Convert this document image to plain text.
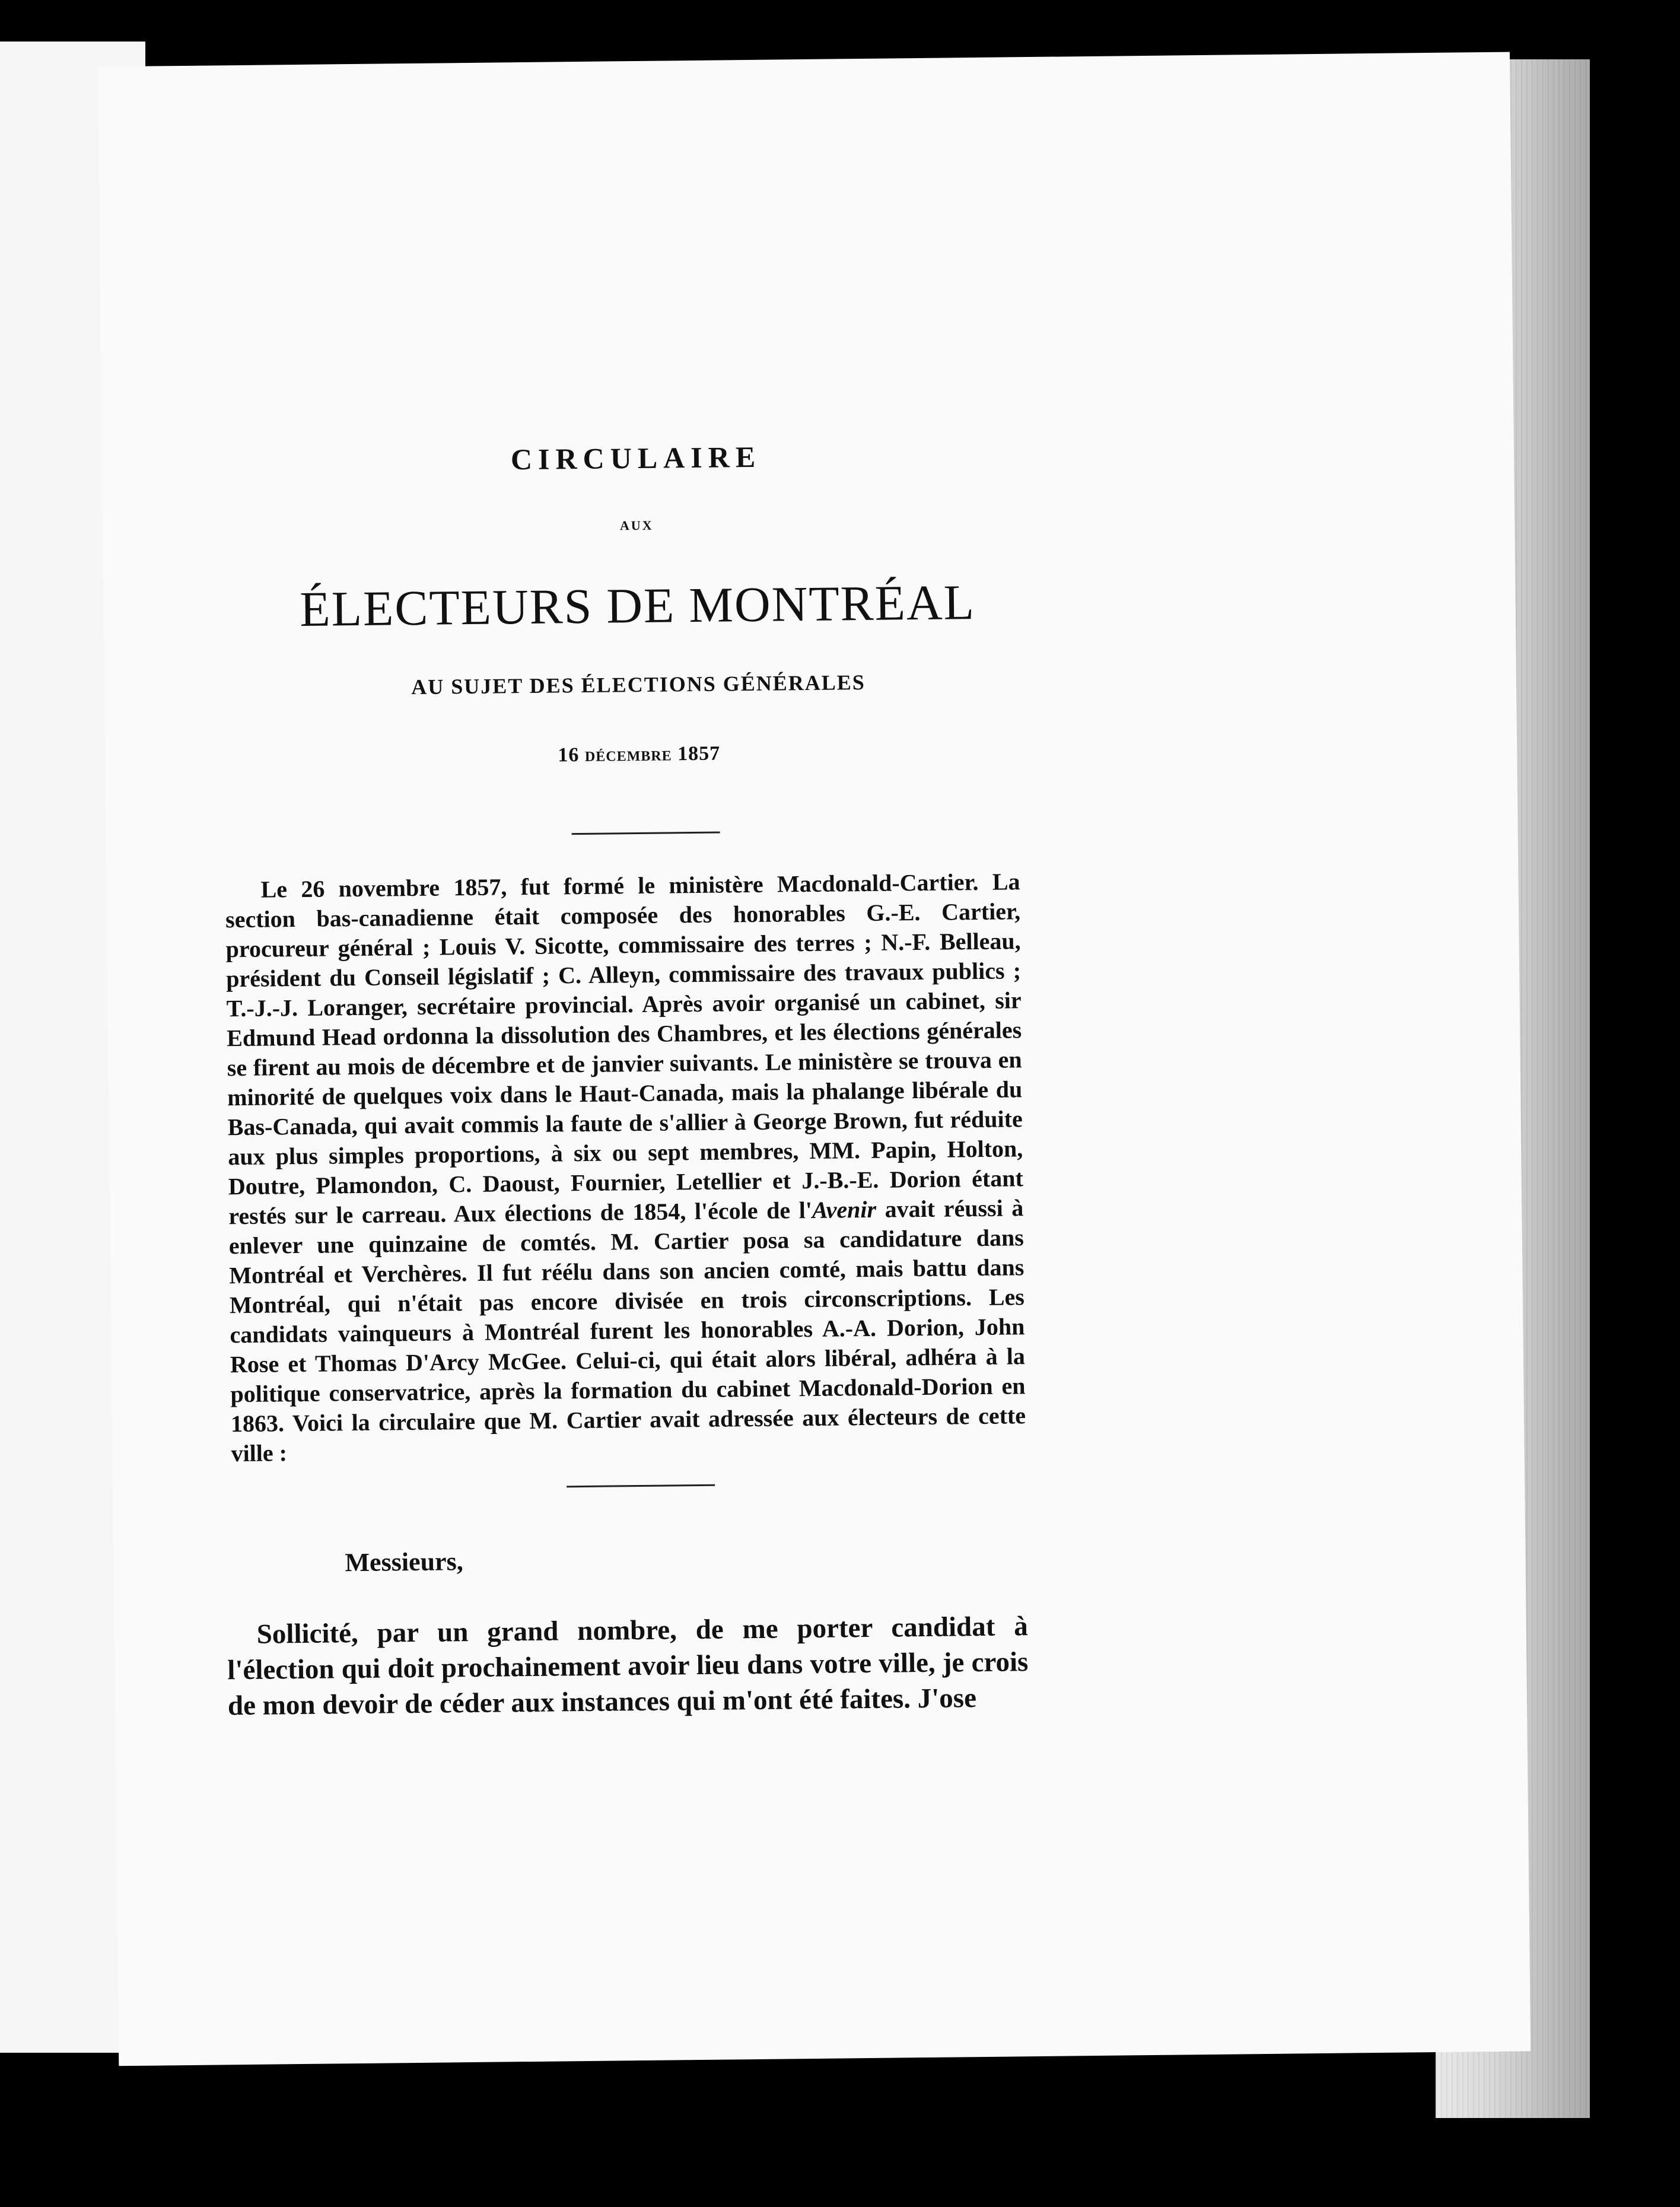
CIRCULAIRE
AUX
ÉLECTEURS DE MONTRÉAL
AU SUJET DES ÉLECTIONS GÉNÉRALES
16 décembre 1857

Le 26 novembre 1857, fut formé le ministère Macdonald-Cartier. La section bas-canadienne était composée des honorables G.-E. Cartier, procureur général ; Louis V. Sicotte, commissaire des terres ; N.-F. Belleau, président du Conseil législatif ; C. Alleyn, commissaire des travaux publics ; T.-J.-J. Loranger, secrétaire provincial. Après avoir organisé un cabinet, sir Edmund Head ordonna la dissolution des Chambres, et les élections générales se firent au mois de décembre et de janvier suivants. Le ministère se trouva en minorité de quelques voix dans le Haut-Canada, mais la phalange libérale du Bas-Canada, qui avait commis la faute de s'allier à George Brown, fut réduite aux plus simples proportions, à six ou sept membres, MM. Papin, Holton, Doutre, Plamondon, C. Daoust, Fournier, Letellier et J.-B.-E. Dorion étant restés sur le carreau. Aux élections de 1854, l'école de l'Avenir avait réussi à enlever une quinzaine de comtés. M. Cartier posa sa candidature dans Montréal et Verchères. Il fut réélu dans son ancien comté, mais battu dans Montréal, qui n'était pas encore divisée en trois circonscriptions. Les candidats vainqueurs à Montréal furent les honorables A.-A. Dorion, John Rose et Thomas D'Arcy McGee. Celui-ci, qui était alors libéral, adhéra à la politique conservatrice, après la formation du cabinet Macdonald-Dorion en 1863. Voici la circulaire que M. Cartier avait adressée aux électeurs de cette ville :

Messieurs,

Sollicité, par un grand nombre, de me porter candidat à l'élection qui doit prochainement avoir lieu dans votre ville, je crois de mon devoir de céder aux instances qui m'ont été faites. J'ose
